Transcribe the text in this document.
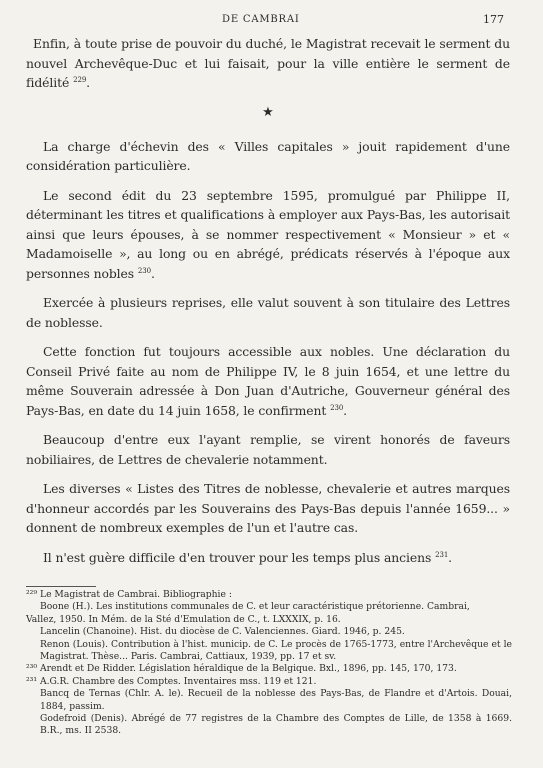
DE CAMBRAI	177

Enfin, à toute prise de pouvoir du duché, le Magistrat recevait le serment du nouvel Archevêque-Duc et lui faisait, pour la ville entière le serment de fidélité $^{229}$.

★

La charge d'échevin des « Villes capitales » jouit rapidement d'une considération particulière.

Le second édit du 23 septembre 1595, promulgué par Philippe II, déterminant les titres et qualifications à employer aux Pays-Bas, les autorisait ainsi que leurs épouses, à se nommer respectivement « Monsieur » et « Madamoiselle », au long ou en abrégé, prédicats réservés à l'époque aux personnes nobles $^{230}$.

Exercée à plusieurs reprises, elle valut souvent à son titulaire des Lettres de noblesse.

Cette fonction fut toujours accessible aux nobles. Une déclaration du Conseil Privé faite au nom de Philippe IV, le 8 juin 1654, et une lettre du même Souverain adressée à Don Juan d'Autriche, Gouverneur général des Pays-Bas, en date du 14 juin 1658, le confirment $^{230}$.

Beaucoup d'entre eux l'ayant remplie, se virent honorés de faveurs nobiliaires, de Lettres de chevalerie notamment.

Les diverses « Listes des Titres de noblesse, chevalerie et autres marques d'honneur accordés par les Souverains des Pays-Bas depuis l'année 1659... » donnent de nombreux exemples de l'un et l'autre cas.

Il n'est guère difficile d'en trouver pour les temps plus anciens $^{231}$.

²²⁹ Le Magistrat de Cambrai. Bibliographie :

Boone (H.). Les institutions communales de C. et leur caractéristique prétorienne. Cambrai,

Vallez, 1950. In Mém. de la Sté d'Emulation de C., t. LXXXIX, p. 16.

Lancelin (Chanoine). Hist. du diocèse de C. Valenciennes. Giard. 1946, p. 245.

Renon (Louis). Contribution à l'hist. municip. de C. Le procès de 1765-1773, entre l'Archevêque et le Magistrat. Thèse... Paris. Cambrai, Cattiaux, 1939, pp. 17 et sv.

²³⁰ Arendt et De Ridder. Législation héraldique de la Belgique. Bxl., 1896, pp. 145, 170, 173.

²³¹ A.G.R. Chambre des Comptes. Inventaires mss. 119 et 121.

Bancq de Ternas (Chlr. A. le). Recueil de la noblesse des Pays-Bas, de Flandre et d'Artois. Douai, 1884, passim.

Godefroid (Denis). Abrégé de 77 registres de la Chambre des Comptes de Lille, de 1358 à 1669. B.R., ms. II 2538.
